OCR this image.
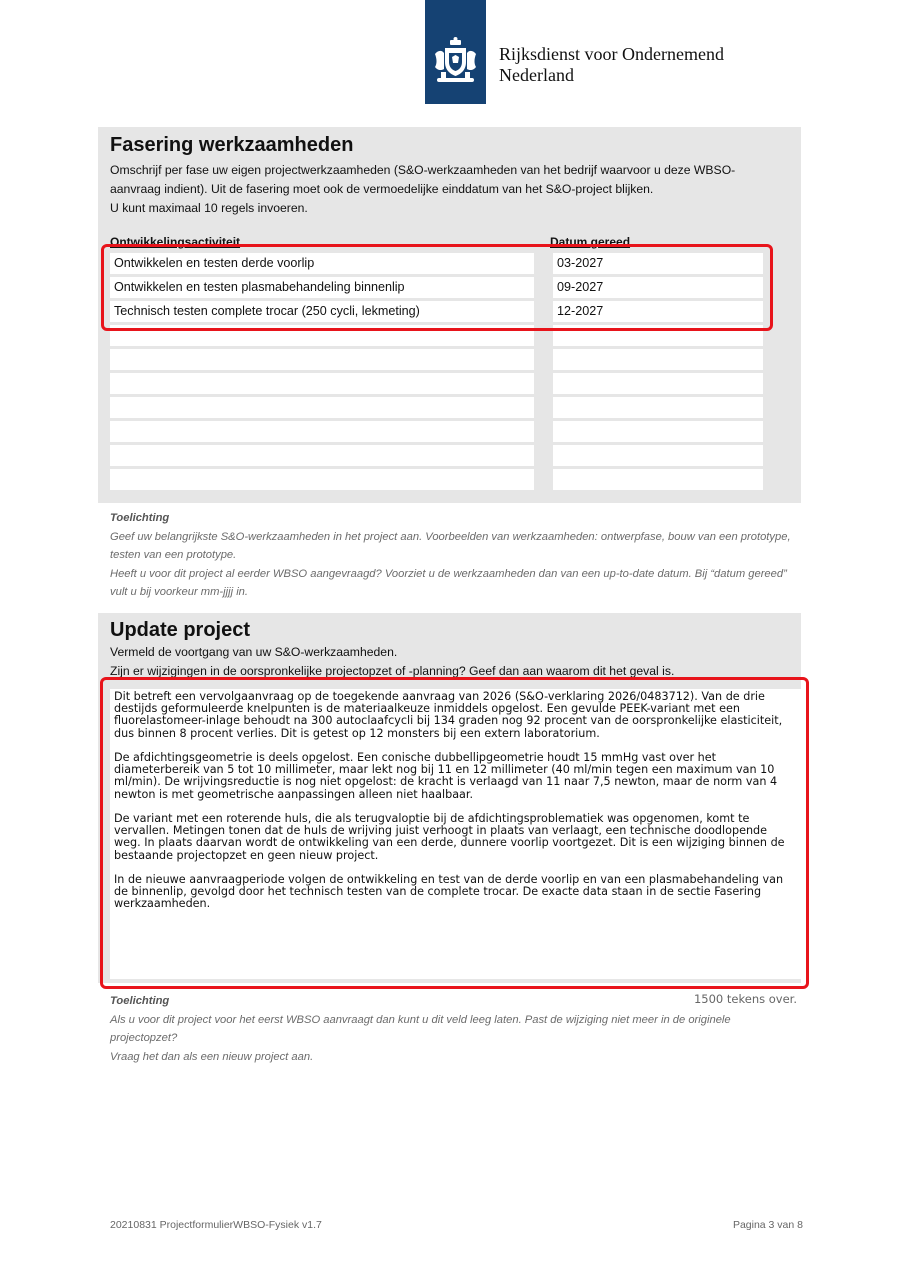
Rijksdienst voor Ondernemend
Nederland
Fasering werkzaamheden
Omschrijf per fase uw eigen projectwerkzaamheden (S&O-werkzaamheden van het bedrijf waarvoor u deze WBSO-
aanvraag indient). Uit de fasering moet ook de vermoedelijke einddatum van het S&O-project blijken.
U kunt maximaal 10 regels invoeren.
Ontwikkelingsactiviteit	Datum gereed
Ontwikkelen en testen derde voorlip	03-2027
Ontwikkelen en testen plasmabehandeling binnenlip	09-2027
Technisch testen complete trocar (250 cycli, lekmeting)	12-2027
Toelichting
Geef uw belangrijkste S&O-werkzaamheden in het project aan. Voorbeelden van werkzaamheden: ontwerpfase, bouw van een prototype,
testen van een prototype.
Heeft u voor dit project al eerder WBSO aangevraagd? Voorziet u de werkzaamheden dan van een up-to-date datum. Bij “datum gereed”
vult u bij voorkeur mm-jjjj in.
Update project
Vermeld de voortgang van uw S&O-werkzaamheden.
Zijn er wijzigingen in de oorspronkelijke projectopzet of -planning? Geef dan aan waarom dit het geval is.

Dit betreft een vervolgaanvraag op de toegekende aanvraag van 2026 (S&O-verklaring 2026/0483712). Van de drie destijds geformuleerde knelpunten is de materiaalkeuze inmiddels opgelost. Een gevulde PEEK-variant met een fluorelastomeer-inlage behoudt na 300 autoclaafcycli bij 134 graden nog 92 procent van de oorspronkelijke elasticiteit, dus binnen 8 procent verlies. Dit is getest op 12 monsters bij een extern laboratorium.

De afdichtingsgeometrie is deels opgelost. Een conische dubbellipgeometrie houdt 15 mmHg vast over het diameterbereik van 5 tot 10 millimeter, maar lekt nog bij 11 en 12 millimeter (40 ml/min tegen een maximum van 10 ml/min). De wrijvingsreductie is nog niet opgelost: de kracht is verlaagd van 11 naar 7,5 newton, maar de norm van 4 newton is met geometrische aanpassingen alleen niet haalbaar.

De variant met een roterende huls, die als terugvaloptie bij de afdichtingsproblematiek was opgenomen, komt te vervallen. Metingen tonen dat de huls de wrijving juist verhoogt in plaats van verlaagt, een technische doodlopende weg. In plaats daarvan wordt de ontwikkeling van een derde, dunnere voorlip voortgezet. Dit is een wijziging binnen de bestaande projectopzet en geen nieuw project.

In de nieuwe aanvraagperiode volgen de ontwikkeling en test van de derde voorlip en van een plasmabehandeling van de binnenlip, gevolgd door het technisch testen van de complete trocar. De exacte data staan in de sectie Fasering werkzaamheden.

1500 tekens over.
Toelichting
Als u voor dit project voor het eerst WBSO aanvraagt dan kunt u dit veld leeg laten. Past de wijziging niet meer in de originele projectopzet?
Vraag het dan als een nieuw project aan.
20210831 ProjectformulierWBSO-Fysiek v1.7	Pagina 3 van 8
